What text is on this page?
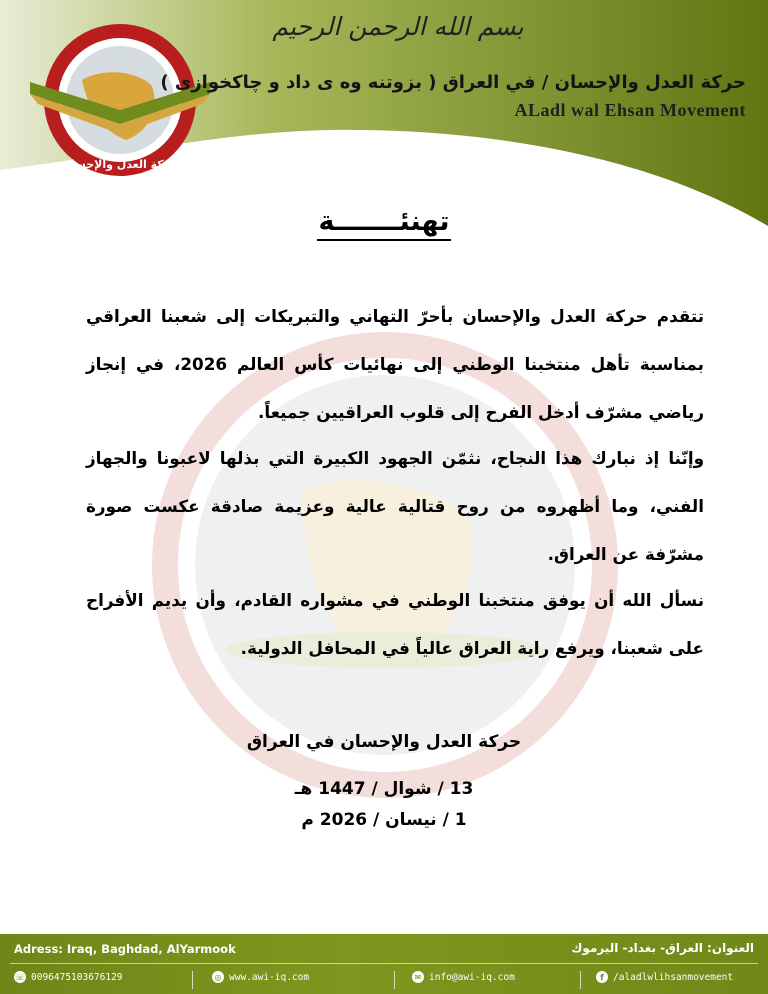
حركة العدل والإحسان
بسم الله الرحمن الرحيم
حركة العدل والإحسان / في العراق ( بزوتنه وه ى داد و چاكخوازى )
ALadl wal Ehsan Movement
تهنئـــــــة
تتقدم حركة العدل والإحسان بأحرّ التهاني والتبريكات إلى شعبنا العراقي بمناسبة تأهل منتخبنا الوطني إلى نهائيات كأس العالم 2026، في إنجاز رياضي مشرّف أدخل الفرح إلى قلوب العراقيين جميعاً.
وإنّنا إذ نبارك هذا النجاح، نثمّن الجهود الكبيرة التي بذلها لاعبونا والجهاز الفني، وما أظهروه من روح قتالية عالية وعزيمة صادقة عكست صورة مشرّفة عن العراق.
نسأل الله أن يوفق منتخبنا الوطني في مشواره القادم، وأن يديم الأفراح على شعبنا، ويرفع راية العراق عالياً في المحافل الدولية.
حركة العدل والإحسان في العراق
13 / شوال / 1447 هـ
1 / نيسان / 2026 م
Adress: Iraq, Baghdad, AlYarmook	العنوان: العراق- بغداد- اليرموك
☏ 009647510367612​9	◎ www.awi-iq.com	✉ info@awi-iq.com	f /aladlwlihsanmovement
